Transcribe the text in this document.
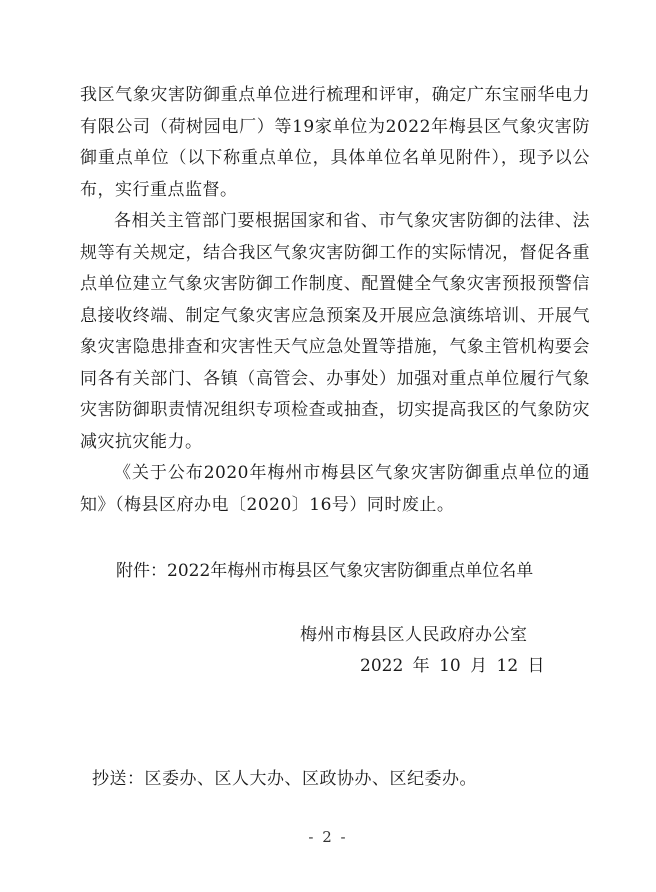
我区气象灾害防御重点单位进行梳理和评审，确定广东宝丽华电力有限公司（荷树园电厂）等19家单位为2022年梅县区气象灾害防御重点单位（以下称重点单位，具体单位名单见附件），现予以公布，实行重点监督。

各相关主管部门要根据国家和省、市气象灾害防御的法律、法规等有关规定，结合我区气象灾害防御工作的实际情况，督促各重点单位建立气象灾害防御工作制度、配置健全气象灾害预报预警信息接收终端、制定气象灾害应急预案及开展应急演练培训、开展气象灾害隐患排查和灾害性天气应急处置等措施，气象主管机构要会同各有关部门、各镇（高管会、办事处）加强对重点单位履行气象灾害防御职责情况组织专项检查或抽查，切实提高我区的气象防灾减灾抗灾能力。

《关于公布2020年梅州市梅县区气象灾害防御重点单位的通知》（梅县区府办电〔2020〕16号）同时废止。

附件：2022年梅州市梅县区气象灾害防御重点单位名单
梅州市梅县区人民政府办公室
2022 年 10 月 12 日
抄送：区委办、区人大办、区政协办、区纪委办。
- 2 -
